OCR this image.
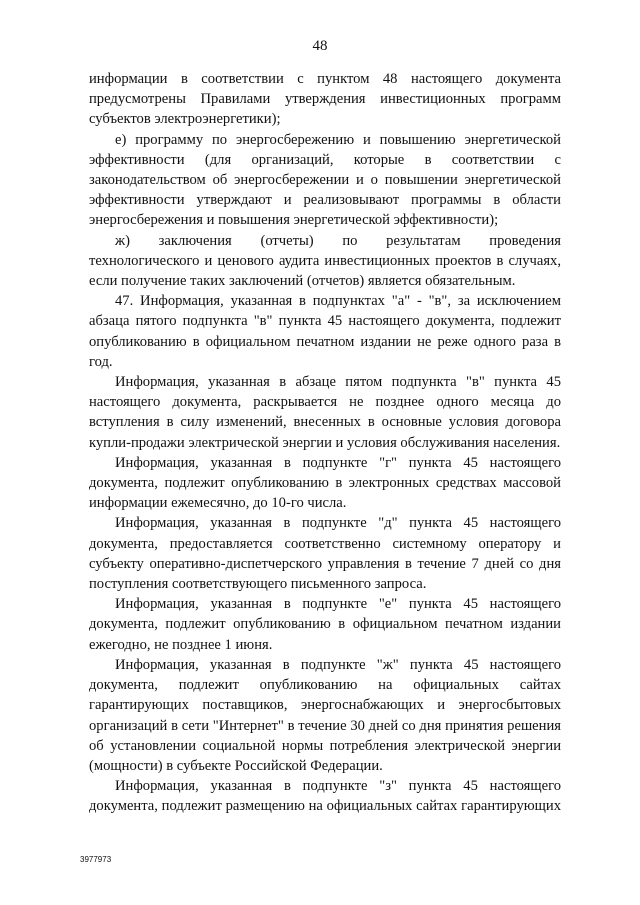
48

информации в соответствии с пунктом 48 настоящего документа
предусмотрены Правилами утверждения инвестиционных программ
субъектов электроэнергетики);

е) программу по энергосбережению и повышению энергетической
эффективности (для организаций, которые в соответствии с
законодательством об энергосбережении и о повышении энергетической
эффективности утверждают и реализовывают программы в области
энергосбережения и повышения энергетической эффективности);

ж) заключения (отчеты) по результатам проведения
технологического и ценового аудита инвестиционных проектов в случаях,
если получение таких заключений (отчетов) является обязательным.

47. Информация, указанная в подпунктах "а" - "в", за исключением
абзаца пятого подпункта "в" пункта 45 настоящего документа, подлежит
опубликованию в официальном печатном издании не реже одного раза в
год.

Информация, указанная в абзаце пятом подпункта "в" пункта 45
настоящего документа, раскрывается не позднее одного месяца до
вступления в силу изменений, внесенных в основные условия договора
купли-продажи электрической энергии и условия обслуживания населения.

Информация, указанная в подпункте "г" пункта 45 настоящего
документа, подлежит опубликованию в электронных средствах массовой
информации ежемесячно, до 10-го числа.

Информация, указанная в подпункте "д" пункта 45 настоящего
документа, предоставляется соответственно системному оператору и
субъекту оперативно-диспетчерского управления в течение 7 дней со дня
поступления соответствующего письменного запроса.

Информация, указанная в подпункте "е" пункта 45 настоящего
документа, подлежит опубликованию в официальном печатном издании
ежегодно, не позднее 1 июня.

Информация, указанная в подпункте "ж" пункта 45 настоящего
документа, подлежит опубликованию на официальных сайтах
гарантирующих поставщиков, энергоснабжающих и энергосбытовых
организаций в сети "Интернет" в течение 30 дней со дня принятия решения
об установлении социальной нормы потребления электрической энергии
(мощности) в субъекте Российской Федерации.

Информация, указанная в подпункте "з" пункта 45 настоящего
документа, подлежит размещению на официальных сайтах гарантирующих

3977973
